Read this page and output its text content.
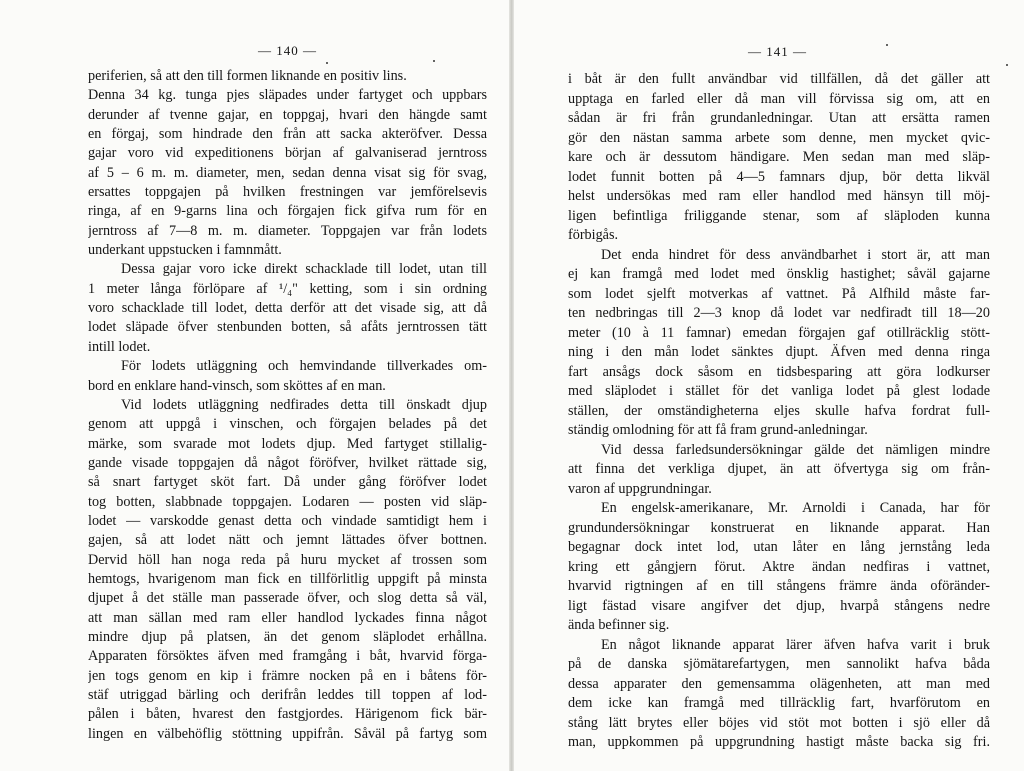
— 140 —

periferien, så att den till formen liknande en positiv lins.
Denna 34 kg. tunga pjes släpades under fartyget och uppbars
derunder af tvenne gajar, en toppgaj, hvari den hängde samt
en förgaj, som hindrade den från att sacka akteröfver. Dessa
gajar voro vid expeditionens början af galvaniserad jerntross
af 5 – 6 m. m. diameter, men, sedan denna visat sig för svag,
ersattes toppgajen på hvilken frestningen var jemförelsevis
ringa, af en 9-garns lina och förgajen fick gifva rum för en
jerntross af 7—8 m. m. diameter. Toppgajen var från lodets
underkant uppstucken i famnmått.
Dessa gajar voro icke direkt schacklade till lodet, utan till
1 meter långa förlöpare af ¹/₄" ketting, som i sin ordning
voro schacklade till lodet, detta derför att det visade sig, att då
lodet släpade öfver stenbunden botten, så afåts jerntrossen tätt
intill lodet.
För lodets utläggning och hemvindande tillverkades om-
bord en enklare hand-vinsch, som sköttes af en man.
Vid lodets utläggning nedfirades detta till önskadt djup
genom att uppgå i vinschen, och förgajen belades på det
märke, som svarade mot lodets djup. Med fartyget stillalig-
gande visade toppgajen då något föröfver, hvilket rättade sig,
så snart fartyget sköt fart. Då under gång föröfver lodet
tog botten, slabbnade toppgajen. Lodaren — posten vid släp-
lodet — varskodde genast detta och vindade samtidigt hem i
gajen, så att lodet nätt och jemnt lättades öfver bottnen.
Dervid höll han noga reda på huru mycket af trossen som
hemtogs, hvarigenom man fick en tillförlitlig uppgift på minsta
djupet å det ställe man passerade öfver, och slog detta så väl,
att man sällan med ram eller handlod lyckades finna något
mindre djup på platsen, än det genom släplodet erhållna.
Apparaten försöktes äfven med framgång i båt, hvarvid förga-
jen togs genom en kip i främre nocken på en i båtens för-
stäf utriggad bärling och derifrån leddes till toppen af lod-
pålen i båten, hvarest den fastgjordes. Härigenom fick bär-
lingen en välbehöflig stöttning uppifrån. Såväl på fartyg som

— 141 —

i båt är den fullt användbar vid tillfällen, då det gäller att
upptaga en farled eller då man vill förvissa sig om, att en
sådan är fri från grundanledningar. Utan att ersätta ramen
gör den nästan samma arbete som denne, men mycket qvic-
kare och är dessutom händigare. Men sedan man med släp-
lodet funnit botten på 4—5 famnars djup, bör detta likväl
helst undersökas med ram eller handlod med hänsyn till möj-
ligen befintliga friliggande stenar, som af släploden kunna
förbigås.
Det enda hindret för dess användbarhet i stort är, att man
ej kan framgå med lodet med önsklig hastighet; såväl gajarne
som lodet sjelft motverkas af vattnet. På Alfhild måste far-
ten nedbringas till 2—3 knop då lodet var nedfiradt till 18—20
meter (10 à 11 famnar) emedan förgajen gaf otillräcklig stött-
ning i den mån lodet sänktes djupt. Äfven med denna ringa
fart ansågs dock såsom en tidsbesparing att göra lodkurser
med släplodet i stället för det vanliga lodet på glest lodade
ställen, der omständigheterna eljes skulle hafva fordrat full-
ständig omlodning för att få fram grund-anledningar.
Vid dessa farledsundersökningar gälde det nämligen mindre
att finna det verkliga djupet, än att öfvertyga sig om från-
varon af uppgrundningar.
En engelsk-amerikanare, Mr. Arnoldi i Canada, har för
grundundersökningar konstruerat en liknande apparat. Han
begagnar dock intet lod, utan låter en lång jernstång leda
kring ett gångjern förut. Aktre ändan nedfiras i vattnet,
hvarvid rigtningen af en till stångens främre ända oföränder-
ligt fästad visare angifver det djup, hvarpå stångens nedre
ända befinner sig.
En något liknande apparat lärer äfven hafva varit i bruk
på de danska sjömätarefartygen, men sannolikt hafva båda
dessa apparater den gemensamma olägenheten, att man med
dem icke kan framgå med tillräcklig fart, hvarförutom en
stång lätt brytes eller böjes vid stöt mot botten i sjö eller då
man, uppkommen på uppgrundning hastigt måste backa sig fri.
